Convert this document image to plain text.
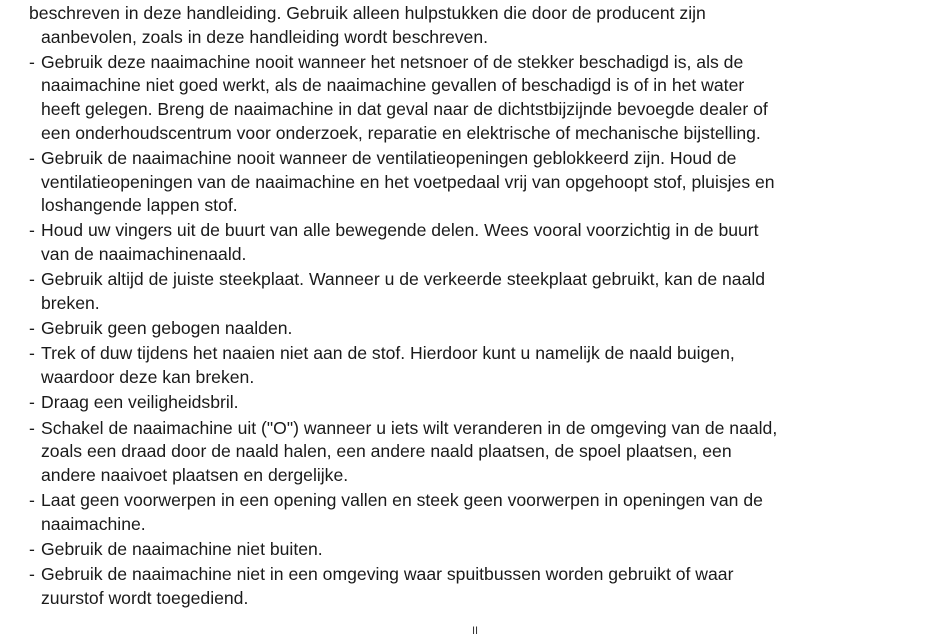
beschreven in deze handleiding. Gebruik alleen hulpstukken die door de producent zijn
aanbevolen, zoals in deze handleiding wordt beschreven.
- Gebruik deze naaimachine nooit wanneer het netsnoer of de stekker beschadigd is, als de
naaimachine niet goed werkt, als de naaimachine gevallen of beschadigd is of in het water
heeft gelegen. Breng de naaimachine in dat geval naar de dichtstbijzijnde bevoegde dealer of
een onderhoudscentrum voor onderzoek, reparatie en elektrische of mechanische bijstelling.
- Gebruik de naaimachine nooit wanneer de ventilatieopeningen geblokkeerd zijn. Houd de
ventilatieopeningen van de naaimachine en het voetpedaal vrij van opgehoopt stof, pluisjes en
loshangende lappen stof.
- Houd uw vingers uit de buurt van alle bewegende delen. Wees vooral voorzichtig in de buurt
van de naaimachinenaald.
- Gebruik altijd de juiste steekplaat. Wanneer u de verkeerde steekplaat gebruikt, kan de naald
breken.
- Gebruik geen gebogen naalden.
- Trek of duw tijdens het naaien niet aan de stof. Hierdoor kunt u namelijk de naald buigen,
waardoor deze kan breken.
- Draag een veiligheidsbril.
- Schakel de naaimachine uit ("O") wanneer u iets wilt veranderen in de omgeving van de naald,
zoals een draad door de naald halen, een andere naald plaatsen, de spoel plaatsen, een
andere naaivoet plaatsen en dergelijke.
- Laat geen voorwerpen in een opening vallen en steek geen voorwerpen in openingen van de
naaimachine.
- Gebruik de naaimachine niet buiten.
- Gebruik de naaimachine niet in een omgeving waar spuitbussen worden gebruikt of waar
zuurstof wordt toegediend.
II
